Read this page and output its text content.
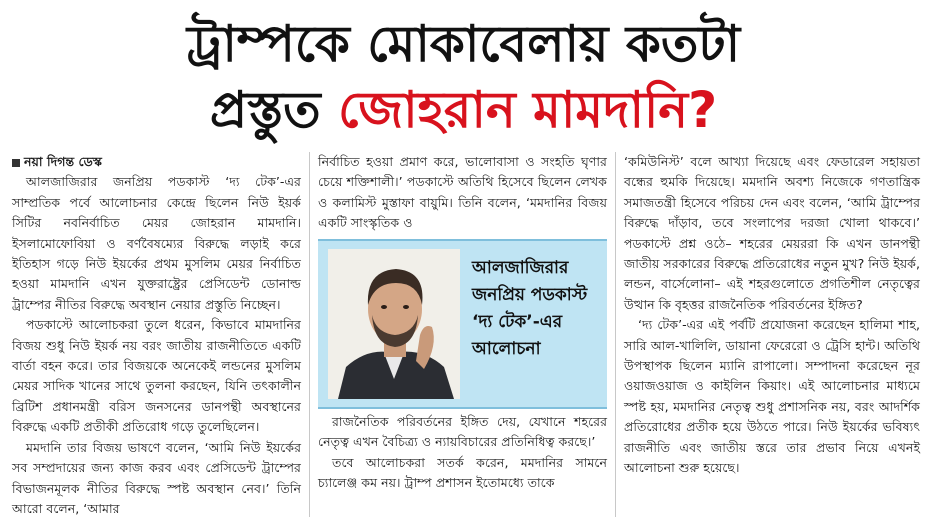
ট্রাম্পকে মোকাবেলায় কতটা
প্রস্তুত জোহরান মামদানি?

নয়া দিগন্ত ডেস্ক

আলজাজিরার জনপ্রিয় পডকাস্ট ‘দ্য টেক’-এর সাম্প্রতিক পর্বে আলোচনার কেন্দ্রে ছিলেন নিউ ইয়র্ক সিটির নবনির্বাচিত মেয়র জোহরান মামদানি। ইসলামোফোবিয়া ও বর্ণবৈষম্যের বিরুদ্ধে লড়াই করে ইতিহাস গড়ে নিউ ইয়র্কের প্রথম মুসলিম মেয়র নির্বাচিত হওয়া মামদানি এখন যুক্তরাষ্ট্রের প্রেসিডেন্ট ডোনাল্ড ট্রাম্পের নীতির বিরুদ্ধে অবস্থান নেয়ার প্রস্তুতি নিচ্ছেন।

পডকাস্টে আলোচকরা তুলে ধরেন, কিভাবে মামদানির বিজয় শুধু নিউ ইয়র্ক নয় বরং জাতীয় রাজনীতিতে একটি বার্তা বহন করে। তার বিজয়কে অনেকেই লন্ডনের মুসলিম মেয়র সাদিক খানের সাথে তুলনা করছেন, যিনি তৎকালীন ব্রিটিশ প্রধানমন্ত্রী বরিস জনসনের ডানপন্থী অবস্থানের বিরুদ্ধে একটি প্রতীকী প্রতিরোধ গড়ে তুলেছিলেন।

মমদানি তার বিজয় ভাষণে বলেন, ‘আমি নিউ ইয়র্কের সব সম্প্রদায়ের জন্য কাজ করব এবং প্রেসিডেন্ট ট্রাম্পের বিভাজনমূলক নীতির বিরুদ্ধে স্পষ্ট অবস্থান নেব।’ তিনি আরো বলেন, ‘আমার

নির্বাচিত হওয়া প্রমাণ করে, ভালোবাসা ও সংহতি ঘৃণার চেয়ে শক্তিশালী।’ পডকাস্টে অতিথি হিসেবে ছিলেন লেখক ও কলামিস্ট মুস্তাফা বায়ুমি। তিনি বলেন, ‘মমদানির বিজয় একটি সাংস্কৃতিক ও

আলজাজিরার জনপ্রিয় পডকাস্ট ‘দ্য টেক’-এর আলোচনা

রাজনৈতিক পরিবর্তনের ইঙ্গিত দেয়, যেখানে শহরের নেতৃত্ব এখন বৈচিত্র্য ও ন্যায়বিচারের প্রতিনিধিত্ব করছে।’

তবে আলোচকরা সতর্ক করেন, মমদানির সামনে চ্যালেঞ্জ কম নয়। ট্রাম্প প্রশাসন ইতোমধ্যে তাকে

‘কমিউনিস্ট’ বলে আখ্যা দিয়েছে এবং ফেডারেল সহায়তা বন্ধের হুমকি দিয়েছে। মমদানি অবশ্য নিজেকে গণতান্ত্রিক সমাজতন্ত্রী হিসেবে পরিচয় দেন এবং বলেন, ‘আমি ট্রাম্পের বিরুদ্ধে দাঁড়াব, তবে সংলাপের দরজা খোলা থাকবে।’ পডকাস্টে প্রশ্ন ওঠে– শহরের মেয়ররা কি এখন ডানপন্থী জাতীয় সরকারের বিরুদ্ধে প্রতিরোধের নতুন মুখ? নিউ ইয়র্ক, লন্ডন, বার্সেলোনা– এই শহরগুলোতে প্রগতিশীল নেতৃত্বের উত্থান কি বৃহত্তর রাজনৈতিক পরিবর্তনের ইঙ্গিত?

‘দ্য টেক’-এর এই পর্বটি প্রযোজনা করেছেন হালিমা শাহ, সারি আল-খালিলি, ডায়ানা ফেরেরো ও ট্রেসি হান্ট। অতিথি উপস্থাপক ছিলেন ম্যানি রাপালো। সম্পাদনা করেছেন নূর ওয়াজওয়াজ ও কাইলিন কিয়াং। এই আলোচনার মাধ্যমে স্পষ্ট হয়, মমদানির নেতৃত্ব শুধু প্রশাসনিক নয়, বরং আদর্শিক প্রতিরোধের প্রতীক হয়ে উঠতে পারে। নিউ ইয়র্কের ভবিষ্যৎ রাজনীতি এবং জাতীয় স্তরে তার প্রভাব নিয়ে এখনই আলোচনা শুরু হয়েছে।
